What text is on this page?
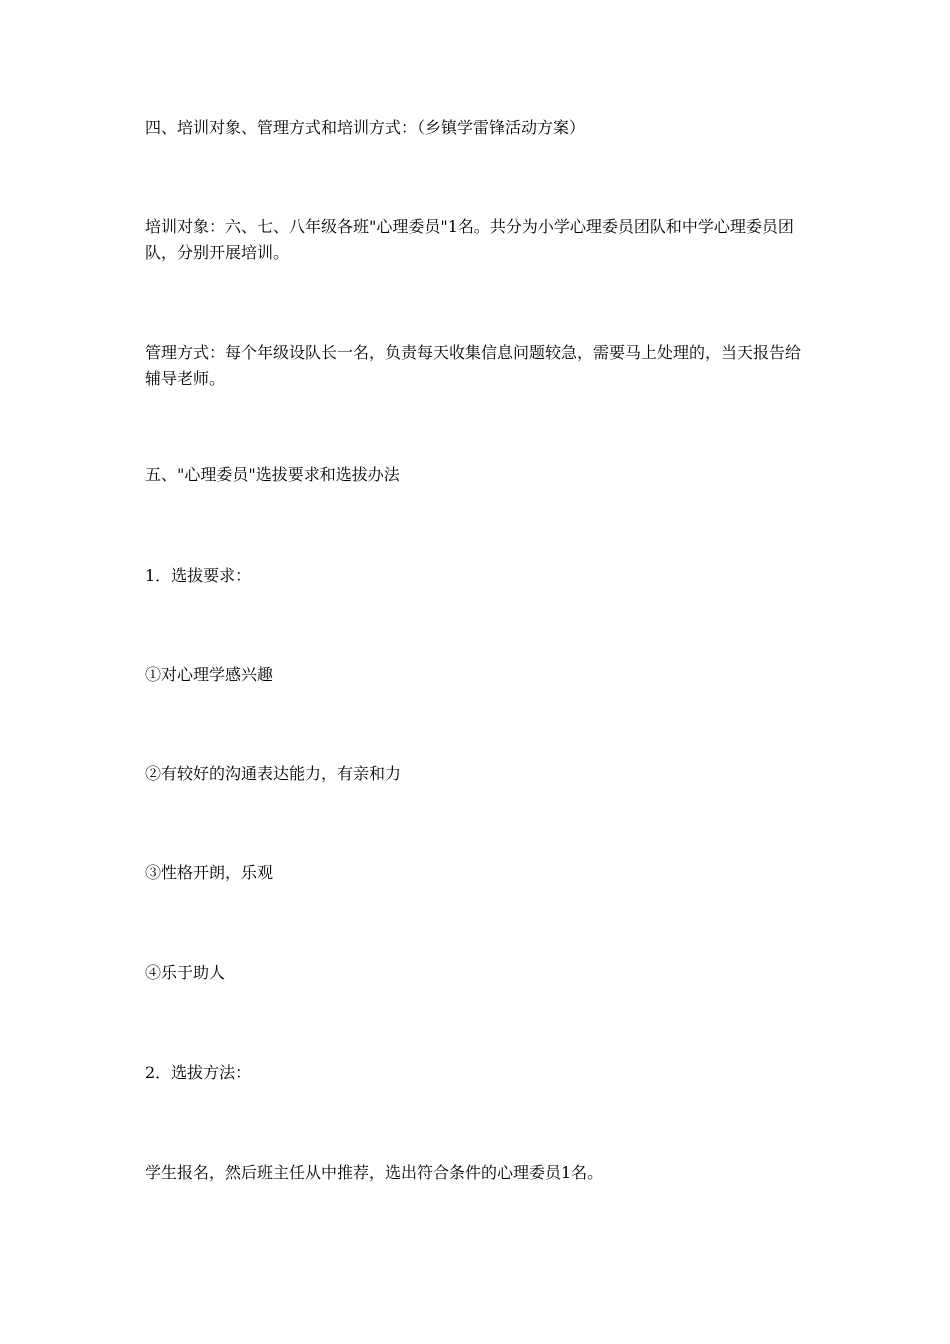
四、培训对象、管理方式和培训方式：（乡镇学雷锋活动方案）

培训对象：六、七、八年级各班"心理委员"1名。共分为小学心理委员团队和中学心理委员团队，分别开展培训。

管理方式：每个年级设队长一名，负责每天收集信息问题较急，需要马上处理的，当天报告给辅导老师。

五、"心理委员"选拔要求和选拔办法

1．选拔要求：

①对心理学感兴趣

②有较好的沟通表达能力，有亲和力

③性格开朗，乐观

④乐于助人

2．选拔方法：

学生报名，然后班主任从中推荐，选出符合条件的心理委员1名。
